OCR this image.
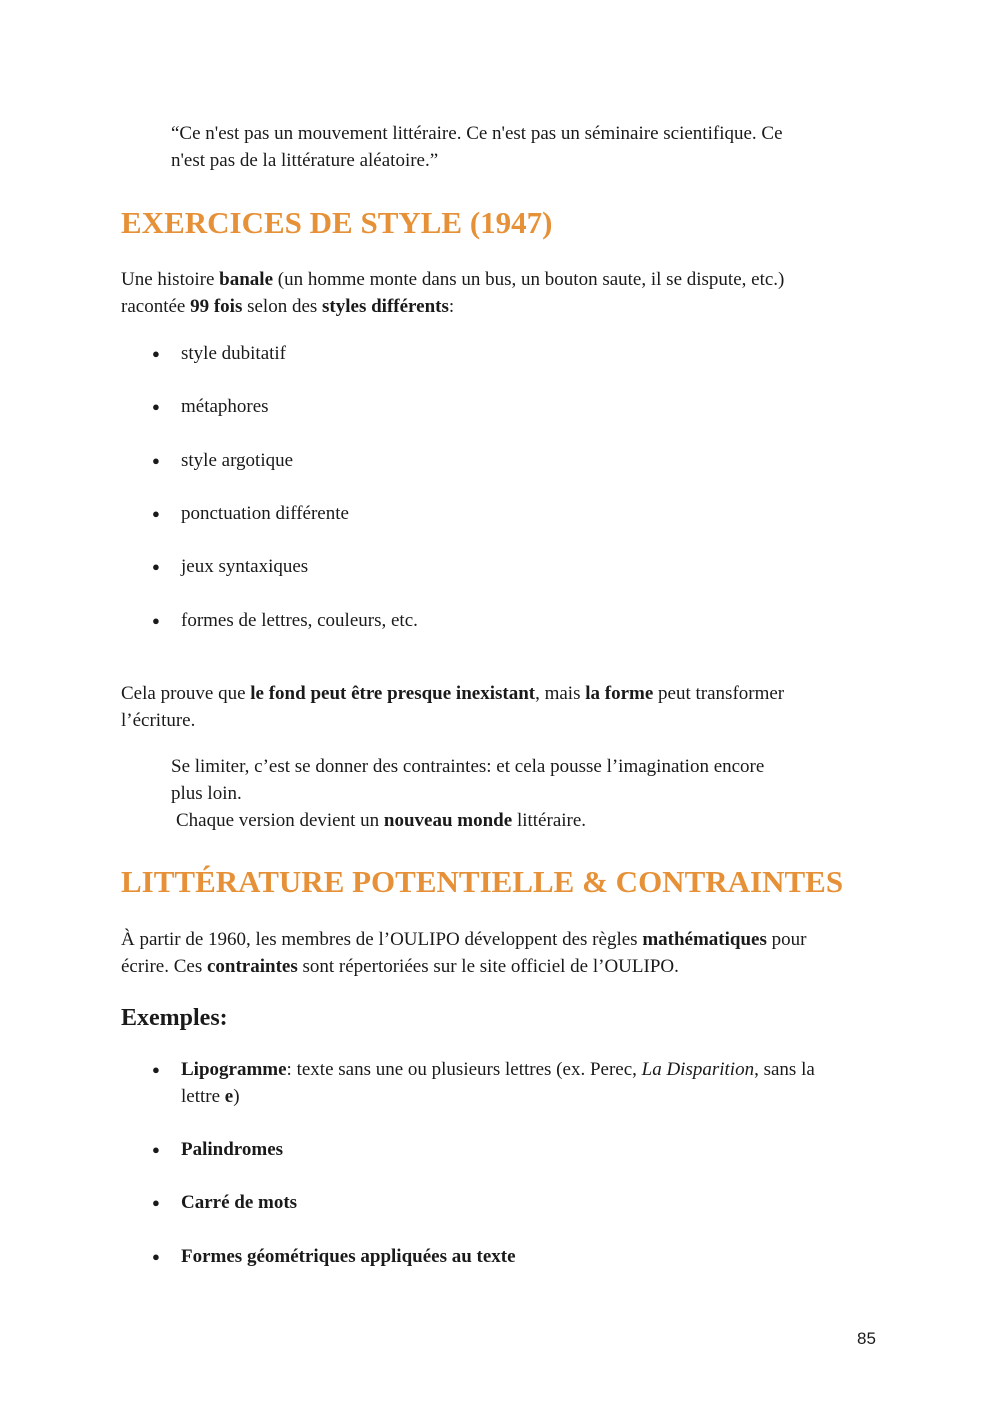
“Ce n'est pas un mouvement littéraire. Ce n'est pas un séminaire scientifique. Ce

n'est pas de la littérature aléatoire.”

EXERCICES DE STYLE (1947)

Une histoire banale (un homme monte dans un bus, un bouton saute, il se dispute, etc.)

racontée 99 fois selon des styles différents:

● style dubitatif

● métaphores

● style argotique

● ponctuation différente

● jeux syntaxiques

● formes de lettres, couleurs, etc.

Cela prouve que le fond peut être presque inexistant, mais la forme peut transformer

l’écriture.

Se limiter, c’est se donner des contraintes: et cela pousse l’imagination encore

plus loin.

Chaque version devient un nouveau monde littéraire.

LITTÉRATURE POTENTIELLE & CONTRAINTES

À partir de 1960, les membres de l’OULIPO développent des règles mathématiques pour

écrire. Ces contraintes sont répertoriées sur le site officiel de l’OULIPO.

Exemples:
● Lipogramme: texte sans une ou plusieurs lettres (ex. Perec, La Disparition, sans la

lettre e)

● Palindromes

● Carré de mots

● Formes géométriques appliquées au texte

85
